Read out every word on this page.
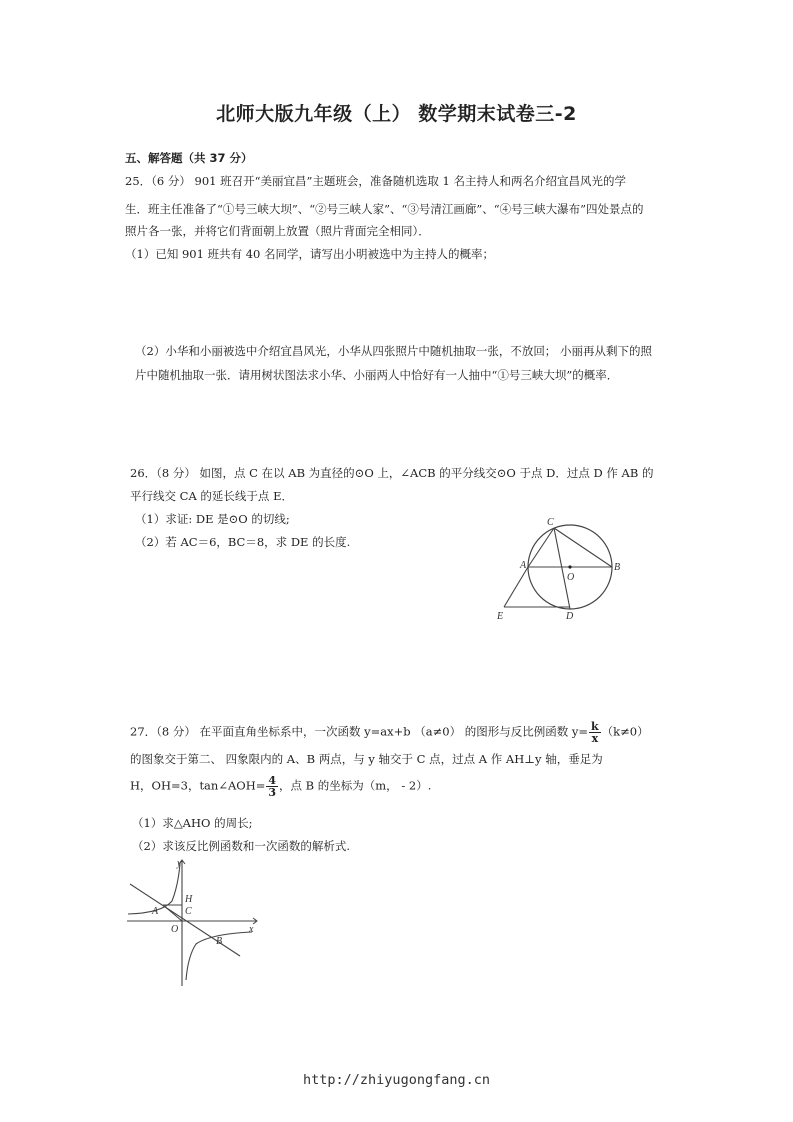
北师大版九年级（上） 数学期末试卷三-2
五、解答题（共 37 分）
25．（6 分） 901 班召开“美丽宜昌”主题班会，准备随机选取 1 名主持人和两名介绍宜昌风光的学
生．班主任准备了“①号三峡大坝”、“②号三峡人家”、“③号清江画廊”、“④号三峡大瀑布”四处景点的
照片各一张，并将它们背面朝上放置（照片背面完全相同）．
（1）已知 901 班共有 40 名同学，请写出小明被选中为主持人的概率；
（2）小华和小丽被选中介绍宜昌风光，小华从四张照片中随机抽取一张，不放回； 小丽再从剩下的照
片中随机抽取一张．请用树状图法求小华、小丽两人中恰好有一人抽中“①号三峡大坝”的概率．
26．（8 分） 如图，点 C 在以 AB 为直径的⊙O 上，∠ACB 的平分线交⊙O 于点 D．过点 D 作 AB 的
平行线交 CA 的延长线于点 E．
（1）求证: DE 是⊙O 的切线;
（2）若 AC＝6，BC＝8，求 DE 的长度.
C
A
O
B
E	D
27．（8 分） 在平面直角坐标系中，一次函数 y=ax+b （a≠0） 的图形与反比例函数 $y= \frac{k}{x} (k\ne 0)$
的图象交于第二、 四象限内的 A、B 两点，与 y 轴交于 C 点，过点 A 作 AH⊥y 轴，垂足为
H，OH=3，tan∠AOH= $\frac{4}{3}$ ，点 B 的坐标为（m， - 2）.
（1）求△AHO 的周长;
（2）求该反比例函数和一次函数的解析式.
y
H
C
A
O	x
B
http://zhiyugongfang.cn
